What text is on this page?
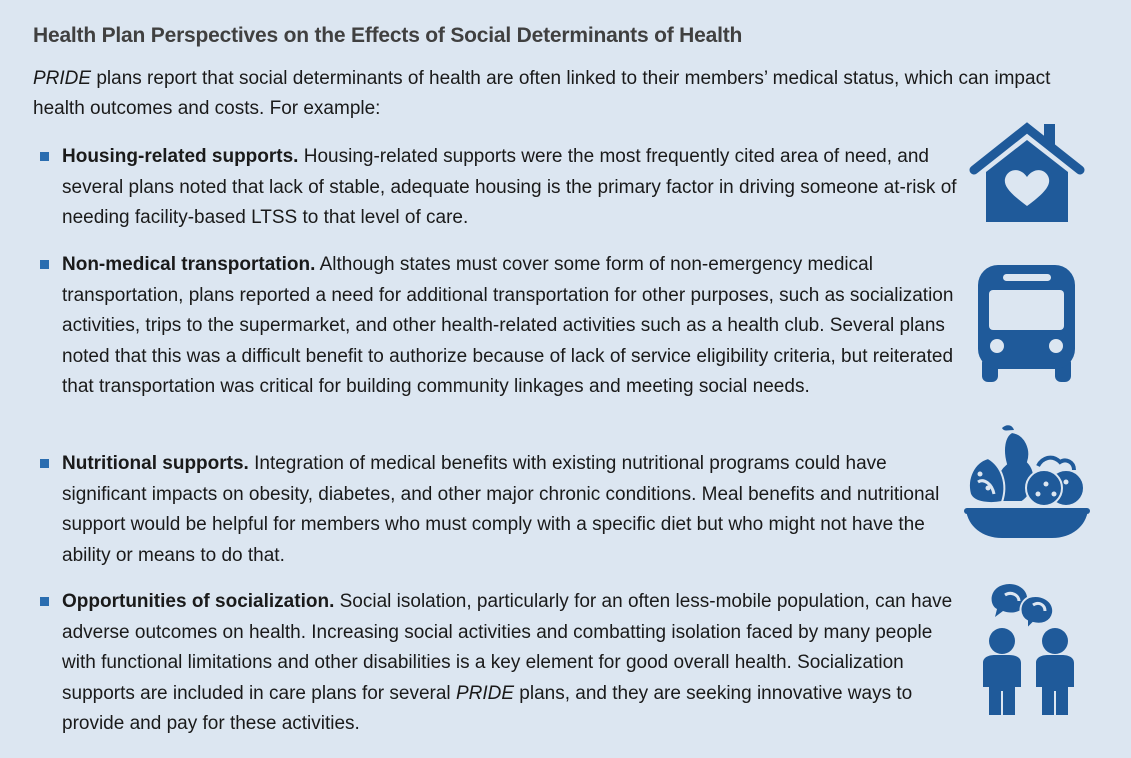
Health Plan Perspectives on the Effects of Social Determinants of Health
PRIDE plans report that social determinants of health are often linked to their members’ medical status, which can impact health outcomes and costs. For example:
Housing-related supports. Housing-related supports were the most frequently cited area of need, and several plans noted that lack of stable, adequate housing is the primary factor in driving someone at-risk of needing facility-based LTSS to that level of care.
Non-medical transportation. Although states must cover some form of non-emergency medical transportation, plans reported a need for additional transportation for other purposes, such as socialization activities, trips to the supermarket, and other health-related activities such as a health club. Several plans noted that this was a difficult benefit to authorize because of lack of service eligibility criteria, but reiterated that transportation was critical for building community linkages and meeting social needs.
Nutritional supports. Integration of medical benefits with existing nutritional programs could have significant impacts on obesity, diabetes, and other major chronic conditions. Meal benefits and nutritional support would be helpful for members who must comply with a specific diet but who might not have the ability or means to do that.
Opportunities of socialization. Social isolation, particularly for an often less-mobile population, can have adverse outcomes on health. Increasing social activities and combatting isolation faced by many people with functional limitations and other disabilities is a key element for good overall health. Socialization supports are included in care plans for several PRIDE plans, and they are seeking innovative ways to provide and pay for these activities.
